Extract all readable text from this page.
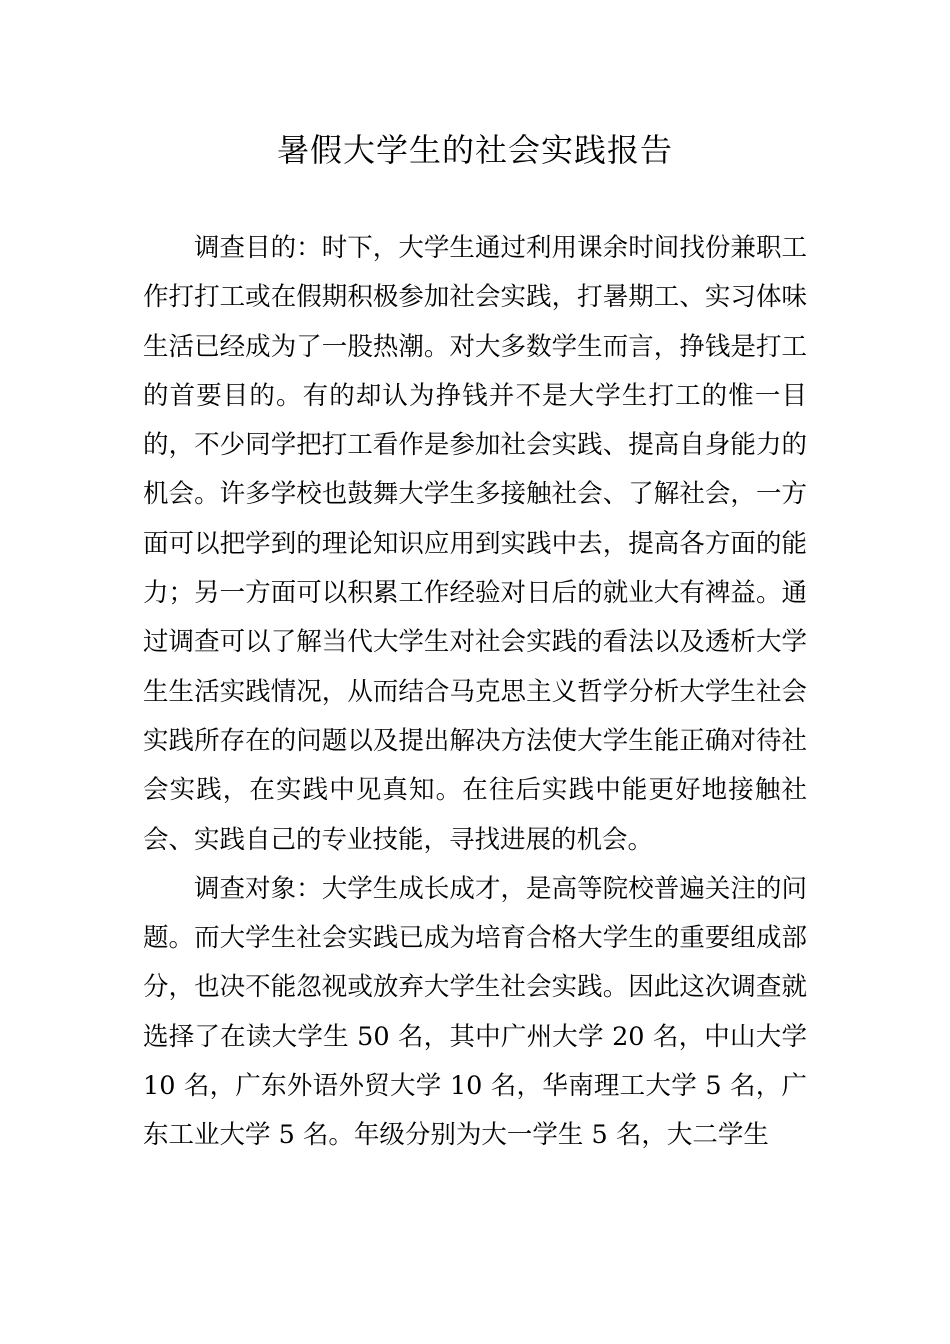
暑假大学生的社会实践报告

调查目的：时下，大学生通过利用课余时间找份兼职工作打打工或在假期积极参加社会实践，打暑期工、实习体味生活已经成为了一股热潮。对大多数学生而言，挣钱是打工的首要目的。有的却认为挣钱并不是大学生打工的惟一目的，不少同学把打工看作是参加社会实践、提高自身能力的机会。许多学校也鼓舞大学生多接触社会、了解社会，一方面可以把学到的理论知识应用到实践中去，提高各方面的能力；另一方面可以积累工作经验对日后的就业大有裨益。通过调查可以了解当代大学生对社会实践的看法以及透析大学生生活实践情况，从而结合马克思主义哲学分析大学生社会实践所存在的问题以及提出解决方法使大学生能正确对待社会实践，在实践中见真知。在往后实践中能更好地接触社会、实践自己的专业技能，寻找进展的机会。

调查对象：大学生成长成才，是高等院校普遍关注的问题。而大学生社会实践已成为培育合格大学生的重要组成部分，也决不能忽视或放弃大学生社会实践。因此这次调查就选择了在读大学生 50 名，其中广州大学 20 名，中山大学 10 名，广东外语外贸大学 10 名，华南理工大学 5 名，广东工业大学 5 名。年级分别为大一学生 5 名，大二学生
